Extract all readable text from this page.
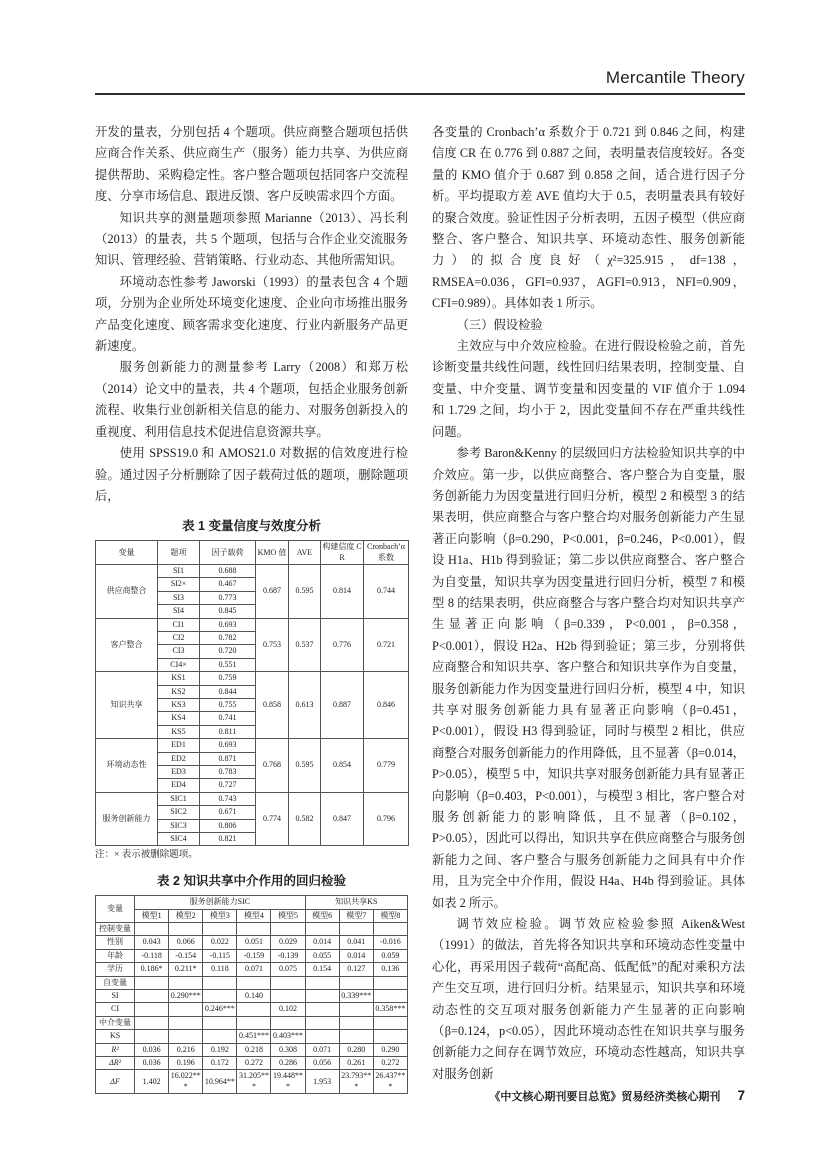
Mercantile Theory

开发的量表，分别包括 4 个题项。供应商整合题项包括供应商合作关系、供应商生产（服务）能力共享、为供应商提供帮助、采购稳定性。客户整合题项包括同客户交流程度、分享市场信息、跟进反馈、客户反映需求四个方面。

知识共享的测量题项参照 Marianne（2013）、冯长利（2013）的量表，共 5 个题项，包括与合作企业交流服务知识、管理经验、营销策略、行业动态、其他所需知识。

环境动态性参考 Jaworski（1993）的量表包含 4 个题项，分别为企业所处环境变化速度、企业向市场推出服务产品变化速度、顾客需求变化速度、行业内新服务产品更新速度。

服务创新能力的测量参考 Larry（2008）和郑万松（2014）论文中的量表，共 4 个题项，包括企业服务创新流程、收集行业创新相关信息的能力、对服务创新投入的重视度、利用信息技术促进信息资源共享。

使用 SPSS19.0 和 AMOS21.0 对数据的信效度进行检验。通过因子分析删除了因子载荷过低的题项，删除题项后，

表 1 变量信度与效度分析
变量	题项	因子载荷	KMO 值	AVE	构建信度 CR	Cronbach’α 系数
供应商整合	SI1	0.688	0.687	0.595	0.814	0.744
	SI2×	0.467				
	SI3	0.773				
	SI4	0.845				
客户整合	CI1	0.693	0.753	0.537	0.776	0.721
	CI2	0.782				
	CI3	0.720				
	CI4×	0.551				
知识共享	KS1	0.759	0.858	0.613	0.887	0.846
	KS2	0.844				
	KS3	0.755				
	KS4	0.741				
	KS5	0.811				
环境动态性	ED1	0.693	0.768	0.595	0.854	0.779
	ED2	0.871				
	ED3	0.783				
	ED4	0.727				
服务创新能力	SIC1	0.743	0.774	0.582	0.847	0.796
	SIC2	0.671				
	SIC3	0.806				
	SIC4	0.821				
注：× 表示被删除题项。
表 2 知识共享中介作用的回归检验
变量	服务创新能力SIC					知识共享KS		
	模型1	模型2	模型3	模型4	模型5	模型6	模型7	模型8
控制变量								
性别	0.043	0.066	0.022	0.051	0.029	0.014	0.041	-0.016
年龄	-0.118	-0.154	-0.115	-0.159	-0.139	0.055	0.014	0.059
学历	0.186*	0.211*	0.118	0.071	0.075	0.154	0.127	0.136
自变量								
SI		0.290***		0.140			0.339***	
CI			0.246***		0.102			0.358***
中介变量								
KS				0.451***	0.403***			
R²	0.036	0.216	0.192	0.218	0.308	0.071	0.280	0.290
ΔR²	0.036	0.196	0.172	0.272	0.286	0.056	0.261	0.272
ΔF	1.402	16.022***	10.964**	31.205***	19.448***	1.953	23.793***	26.437***

各变量的 Cronbach’α 系数介于 0.721 到 0.846 之间，构建信度 CR 在 0.776 到 0.887 之间，表明量表信度较好。各变量的 KMO 值介于 0.687 到 0.858 之间，适合进行因子分析。平均提取方差 AVE 值均大于 0.5，表明量表具有较好的聚合效度。验证性因子分析表明，五因子模型（供应商整合、客户整合、知识共享、环境动态性、服务创新能力）的拟合度良好（χ²=325.915，df=138，RMSEA=0.036，GFI=0.937，AGFI=0.913，NFI=0.909，CFI=0.989）。具体如表 1 所示。

（三）假设检验

主效应与中介效应检验。在进行假设检验之前，首先诊断变量共线性问题，线性回归结果表明，控制变量、自变量、中介变量、调节变量和因变量的 VIF 值介于 1.094 和 1.729 之间，均小于 2，因此变量间不存在严重共线性问题。

参考 Baron&Kenny 的层级回归方法检验知识共享的中介效应。第一步，以供应商整合、客户整合为自变量，服务创新能力为因变量进行回归分析，模型 2 和模型 3 的结果表明，供应商整合与客户整合均对服务创新能力产生显著正向影响（β=0.290，P<0.001，β=0.246，P<0.001），假设 H1a、H1b 得到验证；第二步以供应商整合、客户整合为自变量，知识共享为因变量进行回归分析，模型 7 和模型 8 的结果表明，供应商整合与客户整合均对知识共享产生显著正向影响（β=0.339，P<0.001，β=0.358，P<0.001），假设 H2a、H2b 得到验证；第三步，分别将供应商整合和知识共享、客户整合和知识共享作为自变量，服务创新能力作为因变量进行回归分析，模型 4 中，知识共享对服务创新能力具有显著正向影响（β=0.451，P<0.001），假设 H3 得到验证，同时与模型 2 相比，供应商整合对服务创新能力的作用降低，且不显著（β=0.014，P>0.05），模型 5 中，知识共享对服务创新能力具有显著正向影响（β=0.403，P<0.001），与模型 3 相比，客户整合对服务创新能力的影响降低，且不显著（β=0.102，P>0.05），因此可以得出，知识共享在供应商整合与服务创新能力之间、客户整合与服务创新能力之间具有中介作用，且为完全中介作用，假设 H4a、H4b 得到验证。具体如表 2 所示。

调节效应检验。调节效应检验参照 Aiken&West（1991）的做法，首先将各知识共享和环境动态性变量中心化，再采用因子载荷“高配高、低配低”的配对乘积方法产生交互项，进行回归分析。结果显示，知识共享和环境动态性的交互项对服务创新能力产生显著的正向影响（β=0.124，p<0.05），因此环境动态性在知识共享与服务创新能力之间存在调节效应，环境动态性越高，知识共享对服务创新

《中文核心期刊要目总览》贸易经济类核心期刊 7
